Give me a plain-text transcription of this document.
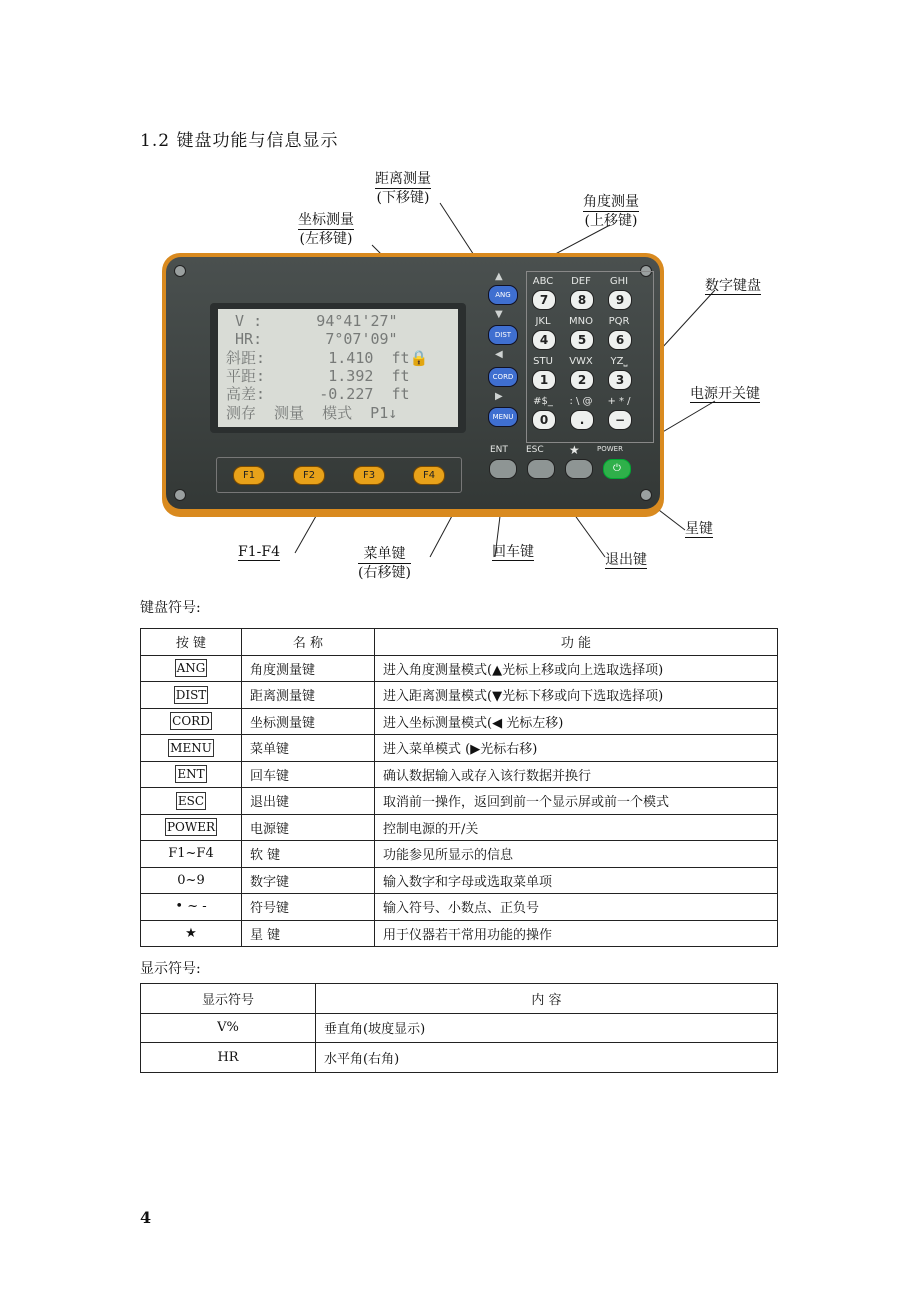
1.2 键盘功能与信息显示
距离测量
(下移键)	角度测量
(上移键)
坐标测量
(左移键)
数字键盘
电源开关键
星键
F1-F4	菜单键
(右移键)
回车键	退出键
V :      94°41'27"
HR:       7°07'09"
斜距:       1.410  ft🔒
平距:       1.392  ft
高差:      -0.227  ft
测存  测量  模式  P1↓
F1	F2	F3	F4
▲
ANG
▼
DIST
◀
CORD
▶
MENU
ABC	DEF	GHI
7	8	9
JKL	MNO	PQR
4	5	6
STU	VWX	YZ⎵
1	2	3
#$_	: \ @	+ * /
0	.	−
ENT ESC ★ POWER
⏻
键盘符号:
按 键	名 称	功 能
ANG	角度测量键	进入角度测量模式(▲光标上移或向上选取选择项)
DIST	距离测量键	进入距离测量模式(▼光标下移或向下选取选择项)
CORD	坐标测量键	进入坐标测量模式(◀ 光标左移)
MENU	菜单键	进入菜单模式 (▶光标右移)
ENT	回车键	确认数据输入或存入该行数据并换行
ESC	退出键	取消前一操作，返回到前一个显示屏或前一个模式
POWER	电源键	控制电源的开/关
F1~F4	软 键	功能参见所显示的信息
0~9	数字键	输入数字和字母或选取菜单项
• ~ -	符号键	输入符号、小数点、正负号
★	星 键	用于仪器若干常用功能的操作
显示符号:
显示符号	内 容
V%	垂直角(坡度显示)
HR	水平角(右角)
4
